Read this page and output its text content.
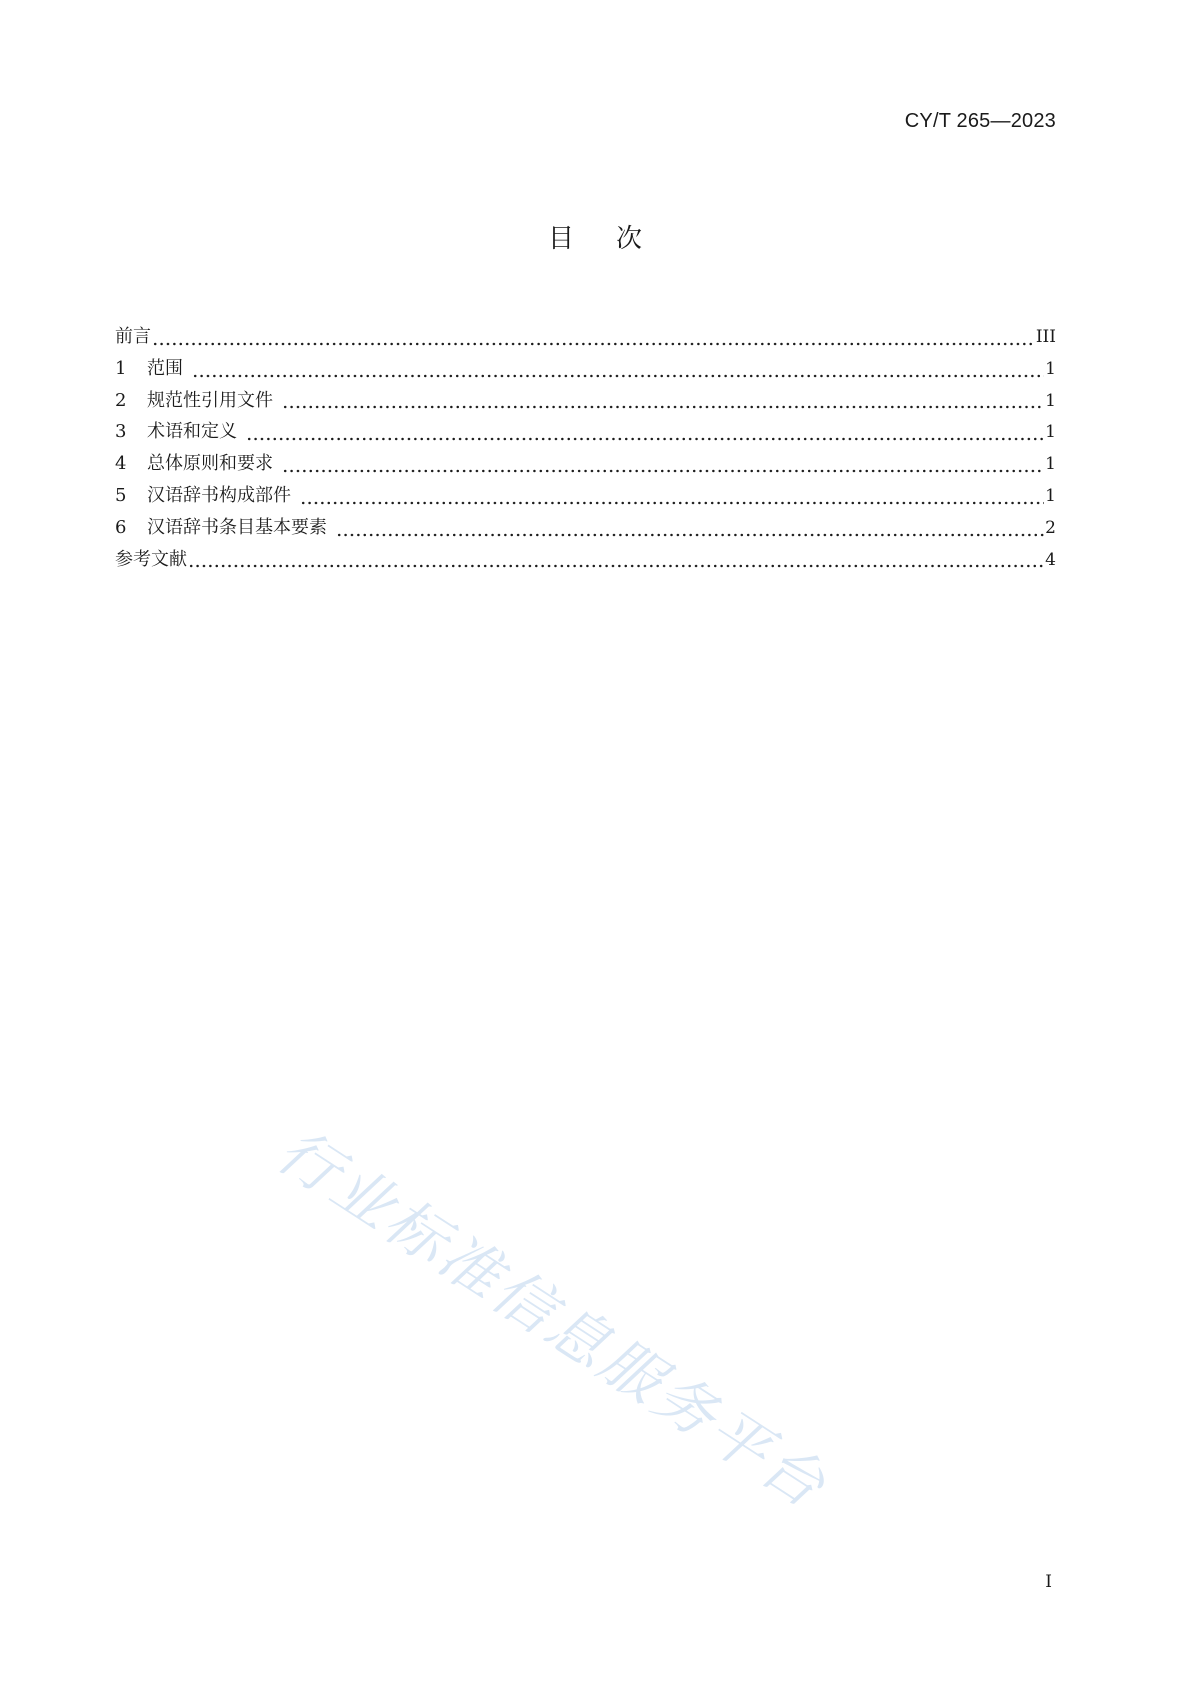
CY/T 265—2023
目次
前言	III
1	范围	1
2	规范性引用文件	1
3	术语和定义	1
4	总体原则和要求	1
5	汉语辞书构成部件	1
6	汉语辞书条目基本要素	2
参考文献	4
行业标准信息服务平台
I
